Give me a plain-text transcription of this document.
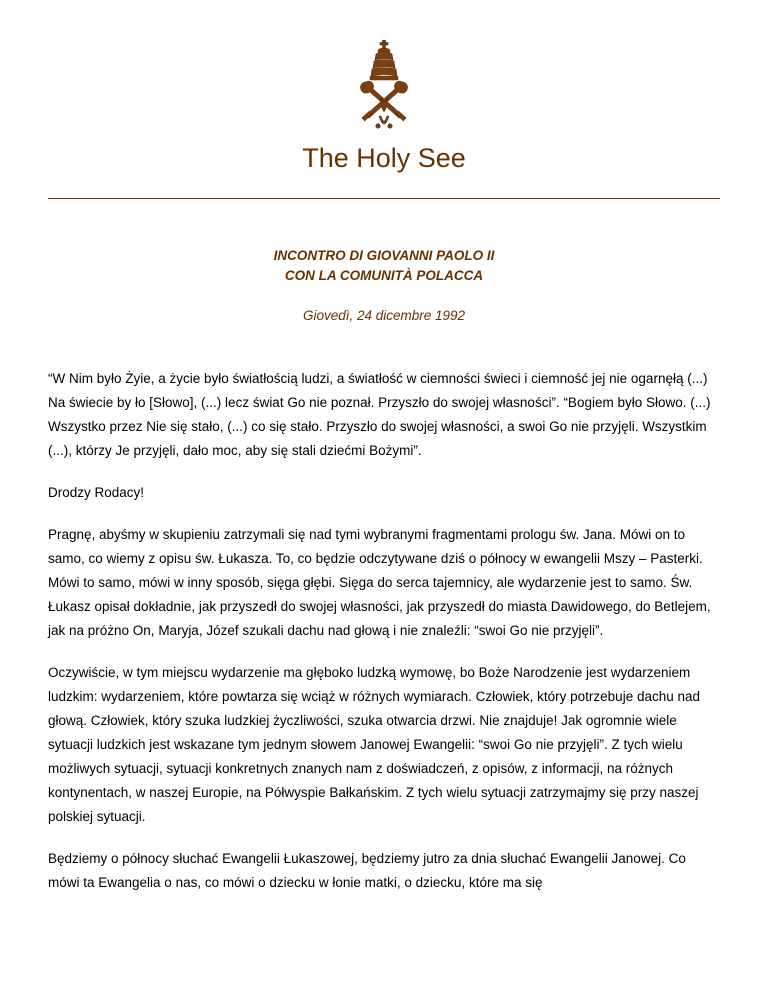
The Holy See
INCONTRO DI GIOVANNI PAOLO II
CON LA COMUNITÀ POLACCA
Giovedì, 24 dicembre 1992

“W Nim było Żyie, a życie było światłością ludzi, a światłość w ciemności świeci i ciemność jej nie ogarnęłą (...) Na świecie by ło [Słowo], (...) lecz świat Go nie poznał. Przyszło do swojej własności”. “Bogiem było Słowo. (...) Wszystko przez Nie się stało, (...) co się stało. Przyszło do swojej własności, a swoi Go nie przyjęli. Wszystkim (...), którzy Je przyjęli, dało moc, aby się stali dziećmi Bożymi”.

Drodzy Rodacy!

Pragnę, abyśmy w skupieniu zatrzymali się nad tymi wybranymi fragmentami prologu św. Jana. Mówi on to samo, co wiemy z opisu św. Łukasza. To, co będzie odczytywane dziś o północy w ewangelii Mszy – Pasterki. Mówi to samo, mówi w inny sposób, sięga głębi. Sięga do serca tajemnicy, ale wydarzenie jest to samo. Św. Łukasz opisał dokładnie, jak przyszedł do swojej własności, jak przyszedł do miasta Dawidowego, do Betlejem, jak na próżno On, Maryja, Józef szukali dachu nad głową i nie znaleźli: “swoi Go nie przyjęli”.

Oczywiście, w tym miejscu wydarzenie ma głęboko ludzką wymowę, bo Boże Narodzenie jest wydarzeniem ludzkim: wydarzeniem, które powtarza się wciąż w różnych wymiarach. Człowiek, który potrzebuje dachu nad głową. Człowiek, który szuka ludzkiej życzliwości, szuka otwarcia drzwi. Nie znajduje! Jak ogromnie wiele sytuacji ludzkich jest wskazane tym jednym słowem Janowej Ewangelii: “swoi Go nie przyjęli”. Z tych wielu możliwych sytuacji, sytuacji konkretnych znanych nam z doświadczeń, z opisów, z informacji, na różnych kontynentach, w naszej Europie, na Półwyspie Bałkańskim. Z tych wielu sytuacji zatrzymajmy się przy naszej polskiej sytuacji.

Będziemy o północy słuchać Ewangelii Łukaszowej, będziemy jutro za dnia słuchać Ewangelii Janowej. Co mówi ta Ewangelia o nas, co mówi o dziecku w łonie matki, o dziecku, które ma się
